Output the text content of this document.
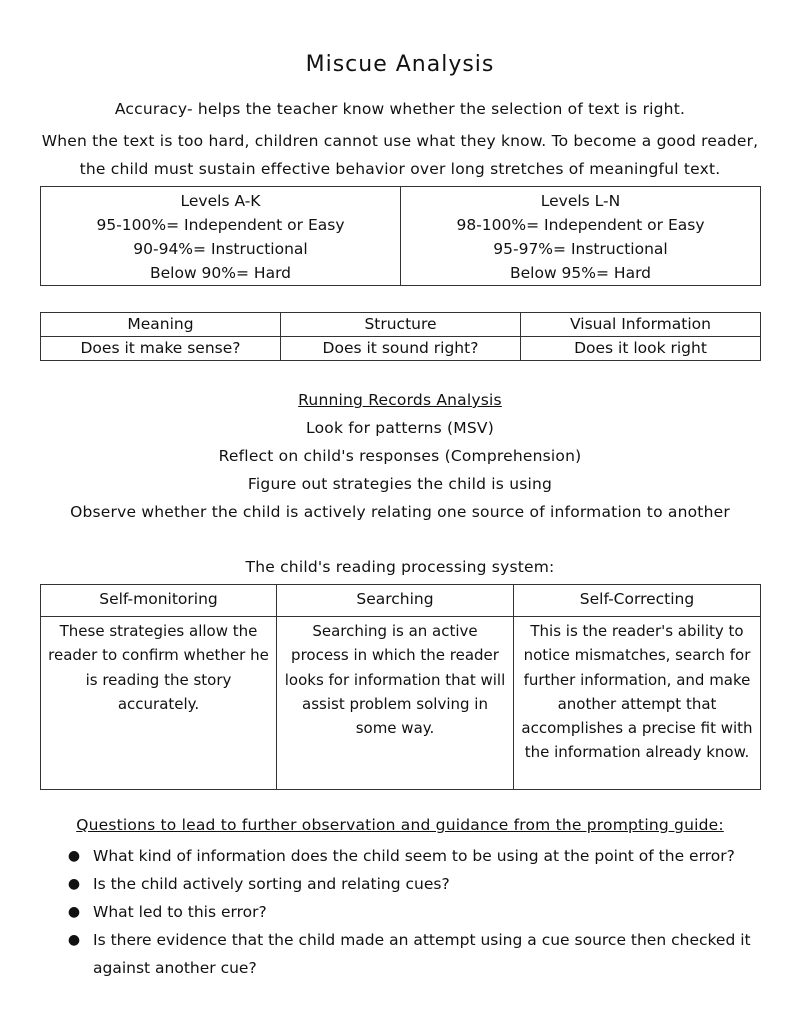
Miscue Analysis
Accuracy- helps the teacher know whether the selection of text is right.
When the text is too hard, children cannot use what they know. To become a good reader,
the child must sustain effective behavior over long stretches of meaningful text.
Levels A-K
95-100%= Independent or Easy
90-94%= Instructional
Below 90%= Hard

Levels L-N
98-100%= Independent or Easy
95-97%= Instructional
Below 95%= Hard
Meaning	Structure	Visual Information
Does it make sense?	Does it sound right?	Does it look right
Running Records Analysis
Look for patterns (MSV)
Reflect on child's responses (Comprehension)
Figure out strategies the child is using
Observe whether the child is actively relating one source of information to another
The child's reading processing system:
Self-monitoring	Searching	Self-Correcting
These strategies allow the reader to confirm whether he is reading the story accurately.	Searching is an active process in which the reader looks for information that will assist problem solving in some way.	This is the reader's ability to notice mismatches, search for further information, and make another attempt that accomplishes a precise fit with the information already know.
Questions to lead to further observation and guidance from the prompting guide:
● What kind of information does the child seem to be using at the point of the error?
● Is the child actively sorting and relating cues?
● What led to this error?
● Is there evidence that the child made an attempt using a cue source then checked it against another cue?
